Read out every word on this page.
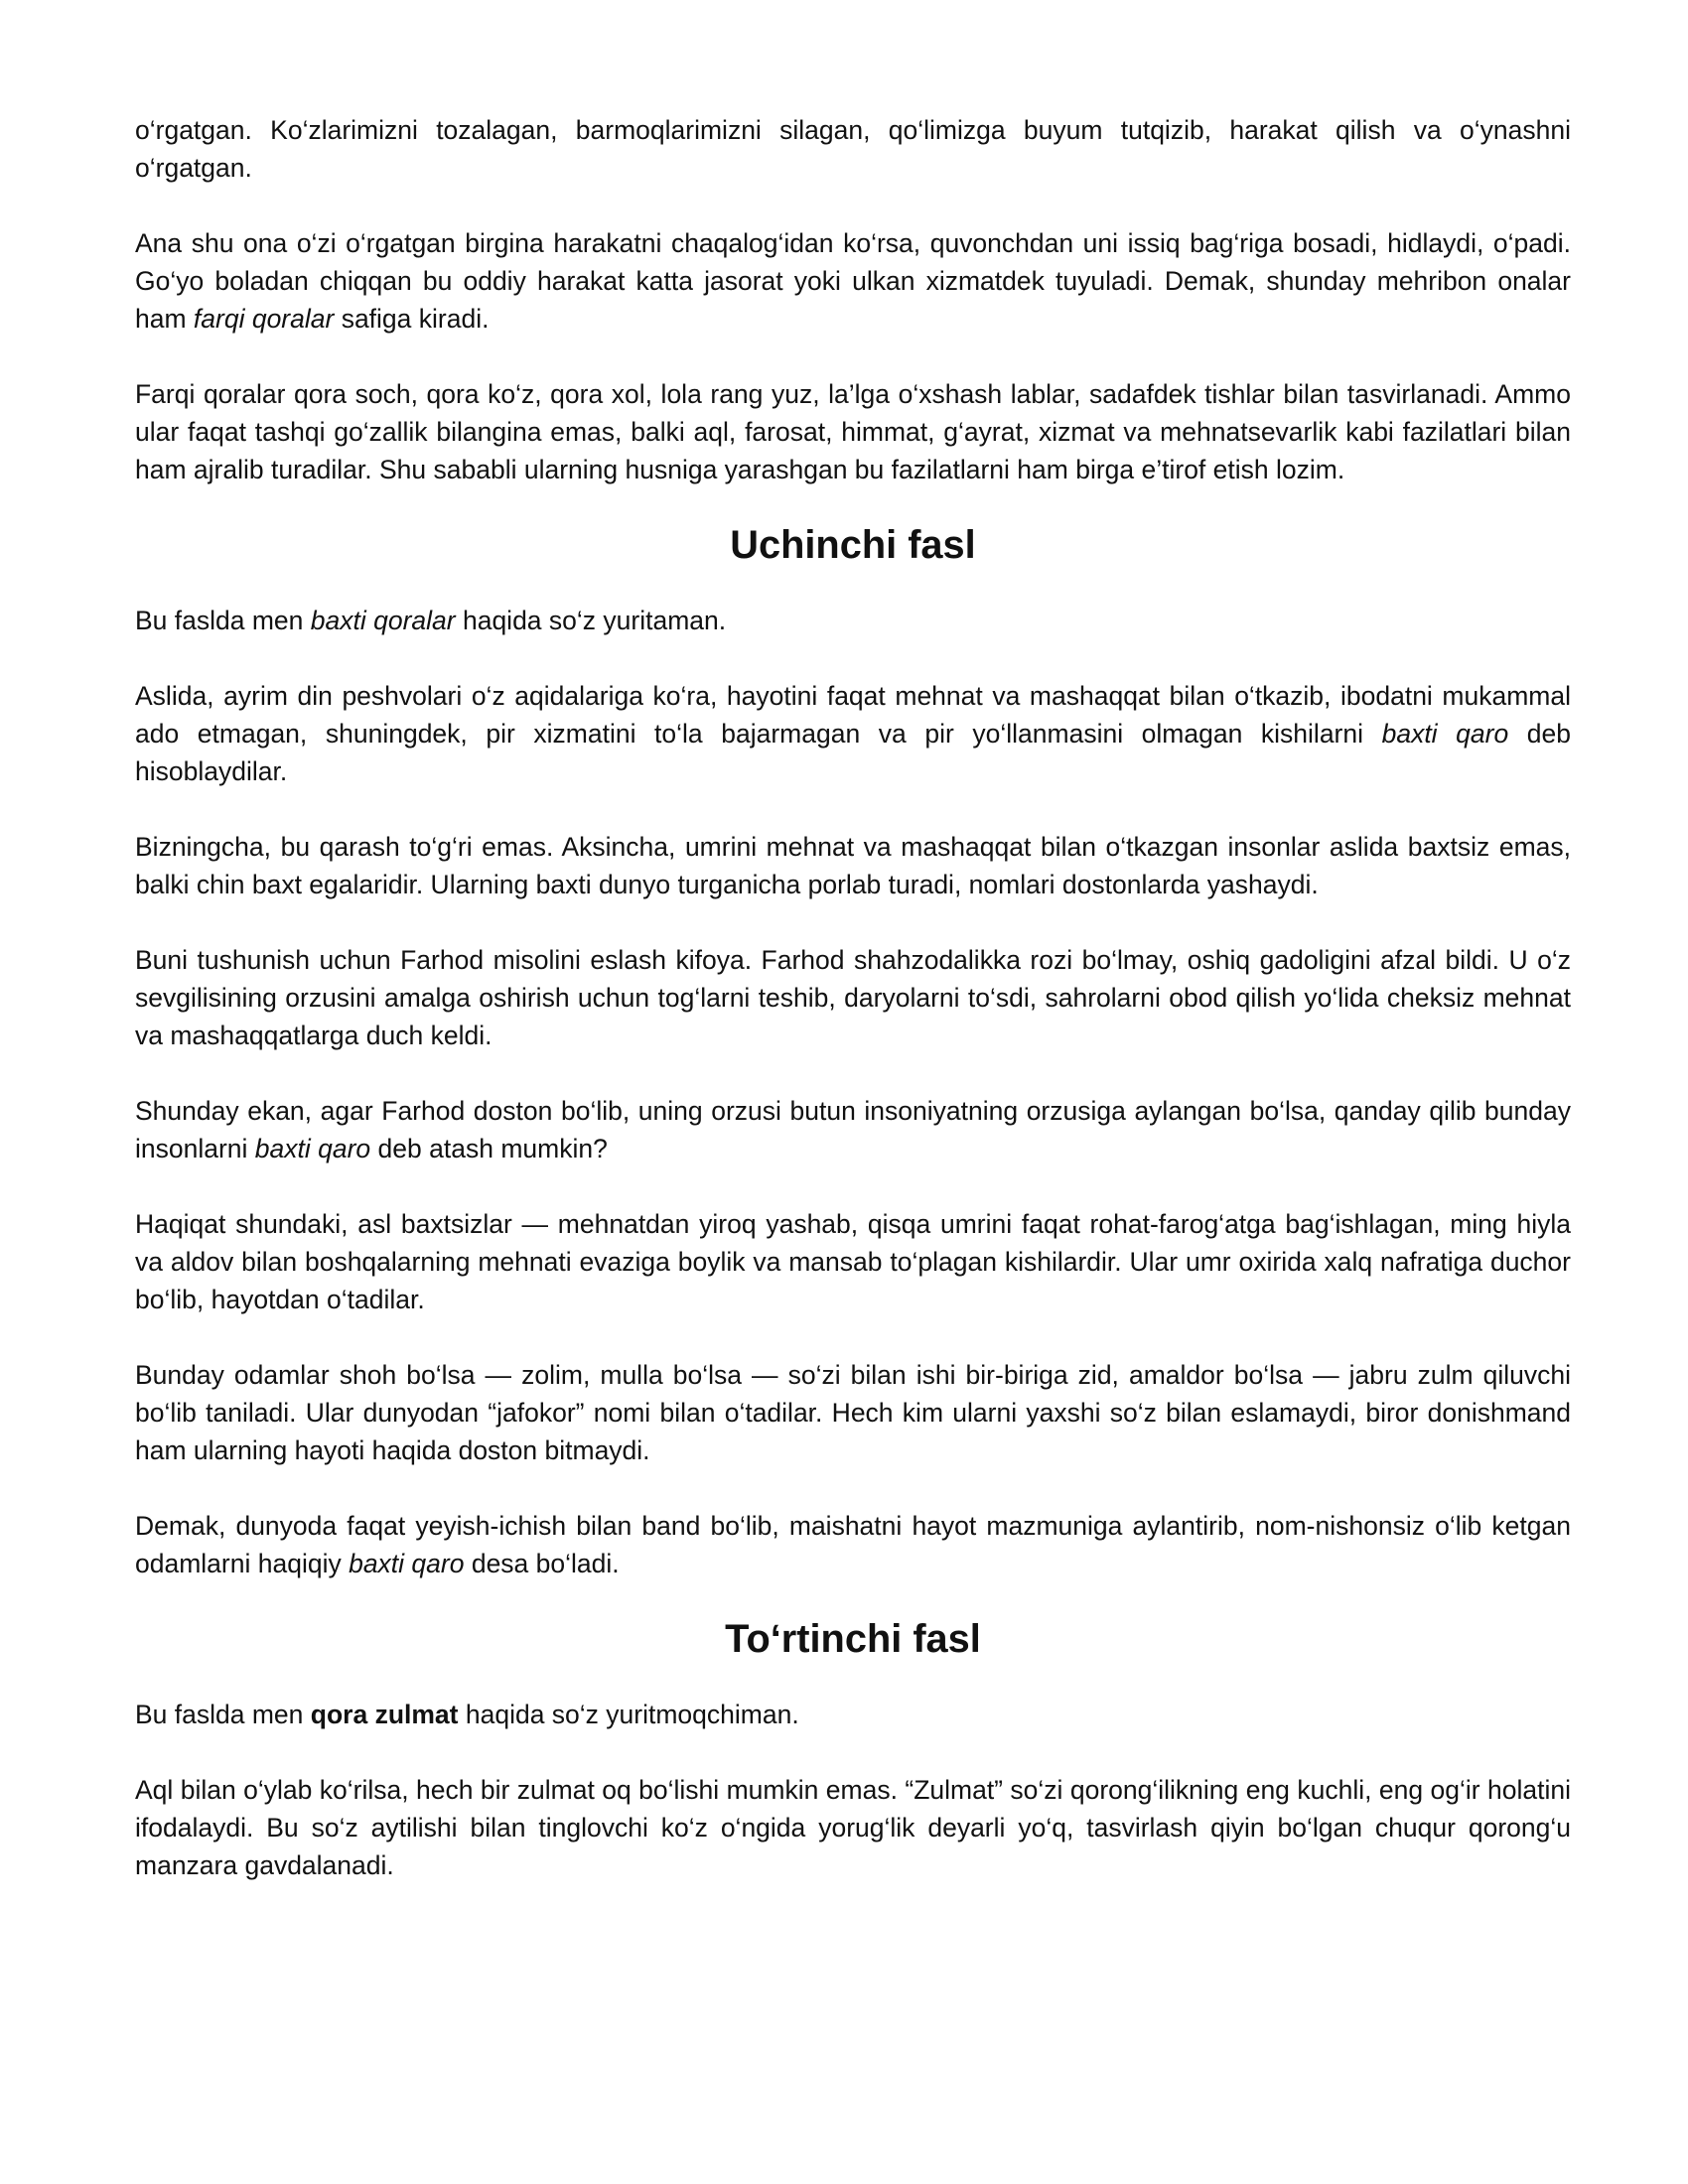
o‘rgatgan. Ko‘zlarimizni tozalagan, barmoqlarimizni silagan, qo‘limizga buyum tutqizib, harakat qilish va o‘ynashni o‘rgatgan.

Ana shu ona o‘zi o‘rgatgan birgina harakatni chaqalog‘idan ko‘rsa, quvonchdan uni issiq bag‘riga bosadi, hidlaydi, o‘padi. Go‘yo boladan chiqqan bu oddiy harakat katta jasorat yoki ulkan xizmatdek tuyuladi. Demak, shunday mehribon onalar ham farqi qoralar safiga kiradi.

Farqi qoralar qora soch, qora ko‘z, qora xol, lola rang yuz, la’lga o‘xshash lablar, sadafdek tishlar bilan tasvirlanadi. Ammo ular faqat tashqi go‘zallik bilangina emas, balki aql, farosat, himmat, g‘ayrat, xizmat va mehnatsevarlik kabi fazilatlari bilan ham ajralib turadilar. Shu sababli ularning husniga yarashgan bu fazilatlarni ham birga e’tirof etish lozim.

Uchinchi fasl

Bu faslda men baxti qoralar haqida so‘z yuritaman.

Aslida, ayrim din peshvolari o‘z aqidalariga ko‘ra, hayotini faqat mehnat va mashaqqat bilan o‘tkazib, ibodatni mukammal ado etmagan, shuningdek, pir xizmatini to‘la bajarmagan va pir yo‘llanmasini olmagan kishilarni baxti qaro deb hisoblaydilar.

Bizningcha, bu qarash to‘g‘ri emas. Aksincha, umrini mehnat va mashaqqat bilan o‘tkazgan insonlar aslida baxtsiz emas, balki chin baxt egalaridir. Ularning baxti dunyo turganicha porlab turadi, nomlari dostonlarda yashaydi.

Buni tushunish uchun Farhod misolini eslash kifoya. Farhod shahzodalikka rozi bo‘lmay, oshiq gadoligini afzal bildi. U o‘z sevgilisining orzusini amalga oshirish uchun tog‘larni teshib, daryolarni to‘sdi, sahrolarni obod qilish yo‘lida cheksiz mehnat va mashaqqatlarga duch keldi.

Shunday ekan, agar Farhod doston bo‘lib, uning orzusi butun insoniyatning orzusiga aylangan bo‘lsa, qanday qilib bunday insonlarni baxti qaro deb atash mumkin?

Haqiqat shundaki, asl baxtsizlar — mehnatdan yiroq yashab, qisqa umrini faqat rohat-farog‘atga bag‘ishlagan, ming hiyla va aldov bilan boshqalarning mehnati evaziga boylik va mansab to‘plagan kishilardir. Ular umr oxirida xalq nafratiga duchor bo‘lib, hayotdan o‘tadilar.

Bunday odamlar shoh bo‘lsa — zolim, mulla bo‘lsa — so‘zi bilan ishi bir-biriga zid, amaldor bo‘lsa — jabru zulm qiluvchi bo‘lib taniladi. Ular dunyodan “jafokor” nomi bilan o‘tadilar. Hech kim ularni yaxshi so‘z bilan eslamaydi, biror donishmand ham ularning hayoti haqida doston bitmaydi.

Demak, dunyoda faqat yeyish-ichish bilan band bo‘lib, maishatni hayot mazmuniga aylantirib, nom-nishonsiz o‘lib ketgan odamlarni haqiqiy baxti qaro desa bo‘ladi.

To‘rtinchi fasl

Bu faslda men qora zulmat haqida so‘z yuritmoqchiman.

Aql bilan o‘ylab ko‘rilsa, hech bir zulmat oq bo‘lishi mumkin emas. “Zulmat” so‘zi qorong‘ilikning eng kuchli, eng og‘ir holatini ifodalaydi. Bu so‘z aytilishi bilan tinglovchi ko‘z o‘ngida yorug‘lik deyarli yo‘q, tasvirlash qiyin bo‘lgan chuqur qorong‘u manzara gavdalanadi.
